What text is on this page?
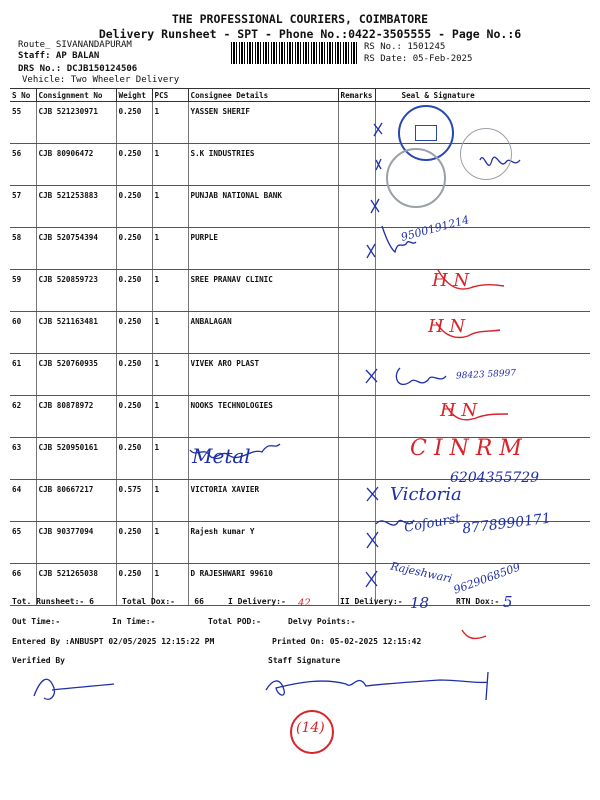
THE PROFESSIONAL COURIERS, COIMBATORE
Delivery Runsheet - SPT - Phone No.:0422-3505555 - Page No.:6
Route_ SIVANANDAPURAM
Staff: AP BALAN
DRS No.: DCJB150124506
Vehicle: Two Wheeler Delivery
RS No.: 1501245
RS Date: 05-Feb-2025
S No	Consignment No	Weight	PCS	Consignee Details	Remarks	Seal & Signature
55	CJB 521230971	0.250	1	YASSEN SHERIF		
56	CJB 80906472	0.250	1	S.K INDUSTRIES		
57	CJB 521253883	0.250	1	PUNJAB NATIONAL BANK		
58	CJB 520754394	0.250	1	PURPLE		
59	CJB 520859723	0.250	1	SREE PRANAV CLINIC		
60	CJB 521163481	0.250	1	ANBALAGAN		
61	CJB 520760935	0.250	1	VIVEK ARO PLAST		
62	CJB 80878972	0.250	1	NOOKS TECHNOLOGIES		
63	CJB 520950161	0.250	1			
64	CJB 80667217	0.575	1	VICTORIA XAVIER		
65	CJB 90377094	0.250	1	Rajesh kumar Y		
66	CJB 521265038	0.250	1	D RAJESHWARI 99610		
9500191214
H N
H N
98423 58997
H N
Metal	C I N R M
6204355729
Victoria
Cofourst 8778990171
Rajeshwari
9629068509
Tot. Runsheet:- 6	Total Dox:-    66	I Delivery:- 42	II Delivery:- 18	RTN Dox:- 5
Out Time:-	In Time:-	Total POD:-	Delvy Points:-
Entered By :ANBUSPT 02/05/2025 12:15:22 PM	Printed On: 05-02-2025 12:15:42
Verified By	Staff Signature
(14)
